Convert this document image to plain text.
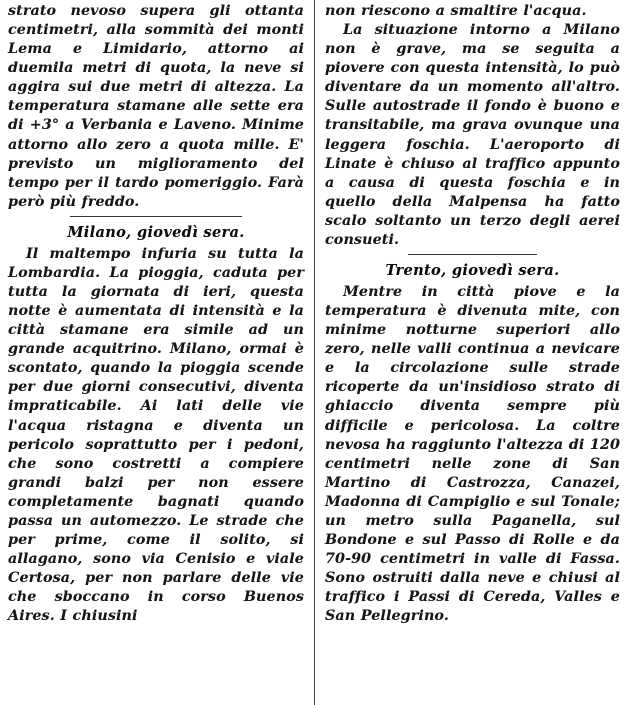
strato nevoso supera gli ottanta centimetri, alla sommità dei monti Lema e Limidario, attorno ai duemila metri di quota, la neve si aggira sui due metri di altezza. La temperatura stamane alle sette era di +3° a Verbania e Laveno. Minime attorno allo zero a quota mille. E' previsto un miglioramento del tempo per il tardo pomeriggio. Farà però più freddo.

Milano, giovedì sera.

Il maltempo infuria su tutta la Lombardia. La pioggia, caduta per tutta la giornata di ieri, questa notte è aumentata di intensità e la città stamane era simile ad un grande acquitrino. Milano, ormai è scontato, quando la pioggia scende per due giorni consecutivi, diventa impraticabile. Ai lati delle vie l'acqua ristagna e diventa un pericolo soprattutto per i pedoni, che sono costretti a compiere grandi balzi per non essere completamente bagnati quando passa un automezzo. Le strade che per prime, come il solito, si allagano, sono via Cenisio e viale Certosa, per non parlare delle vie che sboccano in corso Buenos Aires. I chiusini

non riescono a smaltire l'acqua.

La situazione intorno a Milano non è grave, ma se seguita a piovere con questa intensità, lo può diventare da un momento all'altro. Sulle autostrade il fondo è buono e transitabile, ma grava ovunque una leggera foschia. L'aeroporto di Linate è chiuso al traffico appunto a causa di questa foschia e in quello della Malpensa ha fatto scalo soltanto un terzo degli aerei consueti.

Trento, giovedì sera.

Mentre in città piove e la temperatura è divenuta mite, con minime notturne superiori allo zero, nelle valli continua a nevicare e la circolazione sulle strade ricoperte da un'insidioso strato di ghiaccio diventa sempre più difficile e pericolosa. La coltre nevosa ha raggiunto l'altezza di 120 centimetri nelle zone di San Martino di Castrozza, Canazei, Madonna di Campiglio e sul Tonale; un metro sulla Paganella, sul Bondone e sul Passo di Rolle e da 70-90 centimetri in valle di Fassa. Sono ostruiti dalla neve e chiusi al traffico i Passi di Cereda, Valles e San Pellegrino.
